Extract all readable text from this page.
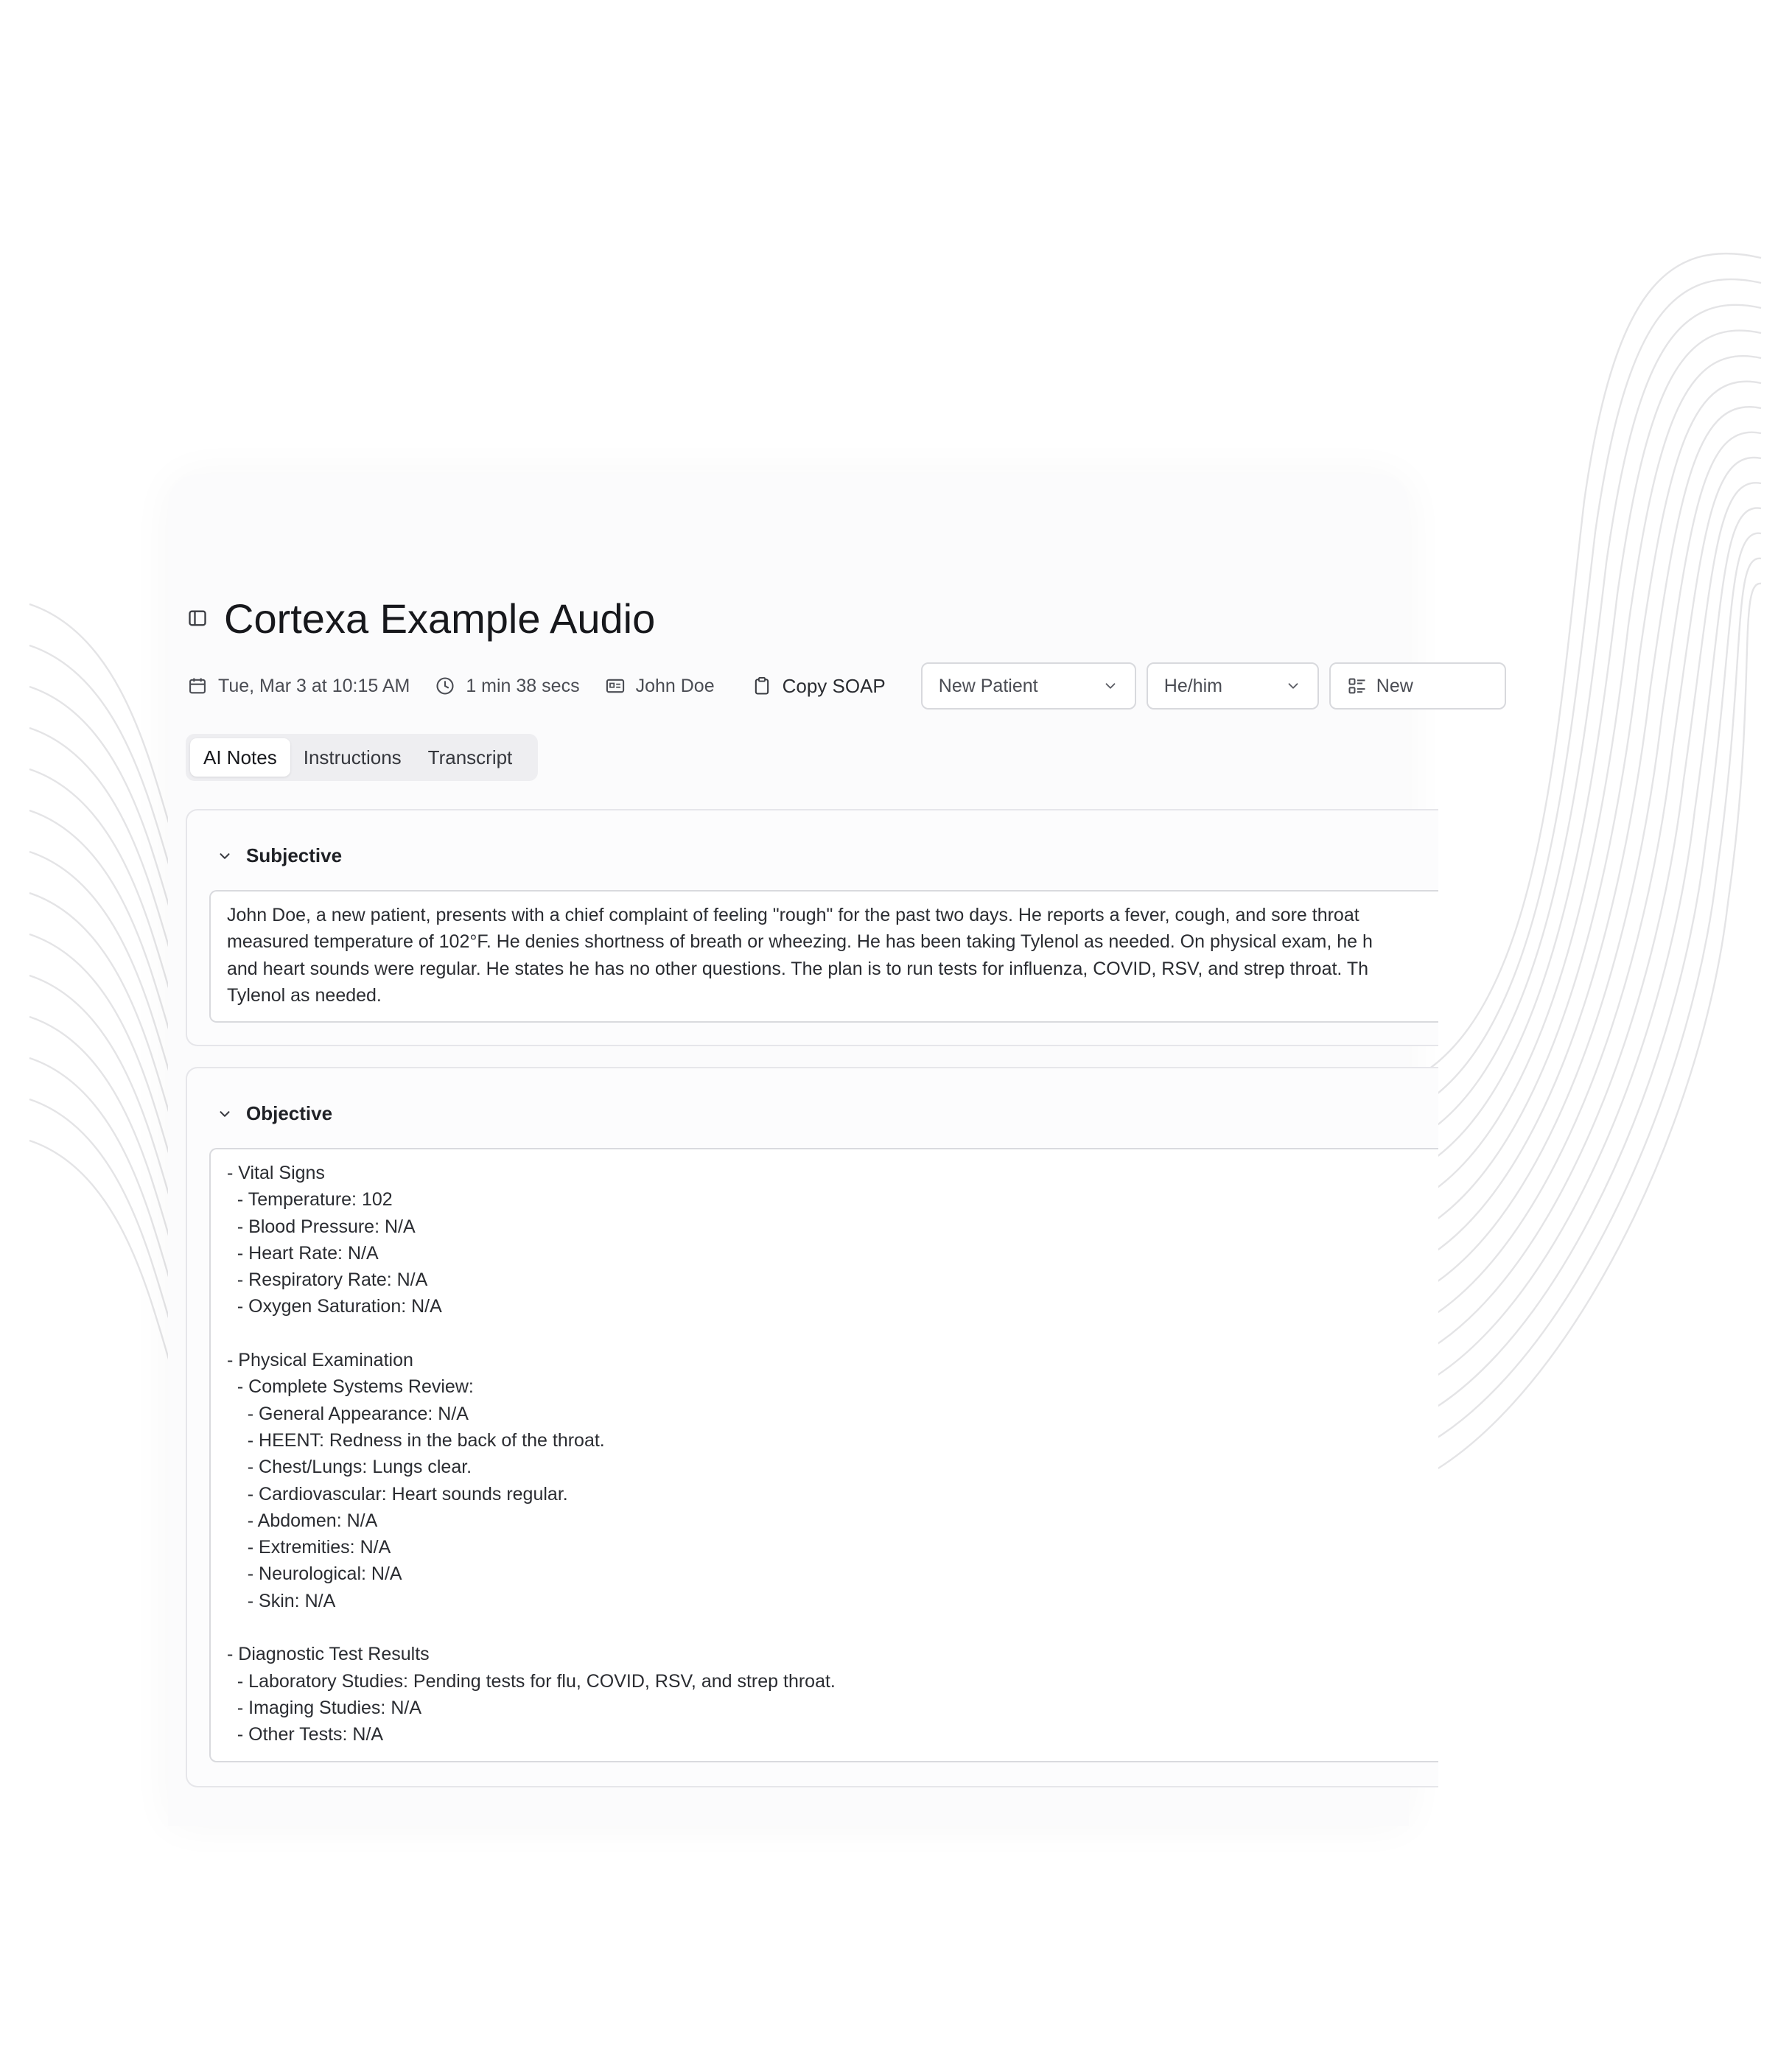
Cortexa Example Audio
Tue, Mar 3 at 10:15 AM	1 min 38 secs	John Doe	Copy SOAP	New Patient	He/him	New
AI Notes	Instructions	Transcript
Subjective
John Doe, a new patient, presents with a chief complaint of feeling "rough" for the past two days. He reports a fever, cough, and sore throat
measured temperature of 102°F. He denies shortness of breath or wheezing. He has been taking Tylenol as needed. On physical exam, he h
and heart sounds were regular. He states he has no other questions. The plan is to run tests for influenza, COVID, RSV, and strep throat. Th
Tylenol as needed.
Objective
- Vital Signs
- Temperature: 102
- Blood Pressure: N/A
- Heart Rate: N/A
- Respiratory Rate: N/A
- Oxygen Saturation: N/A
- Physical Examination
- Complete Systems Review:
- General Appearance: N/A
- HEENT: Redness in the back of the throat.
- Chest/Lungs: Lungs clear.
- Cardiovascular: Heart sounds regular.
- Abdomen: N/A
- Extremities: N/A
- Neurological: N/A
- Skin: N/A
- Diagnostic Test Results
- Laboratory Studies: Pending tests for flu, COVID, RSV, and strep throat.
- Imaging Studies: N/A
- Other Tests: N/A
